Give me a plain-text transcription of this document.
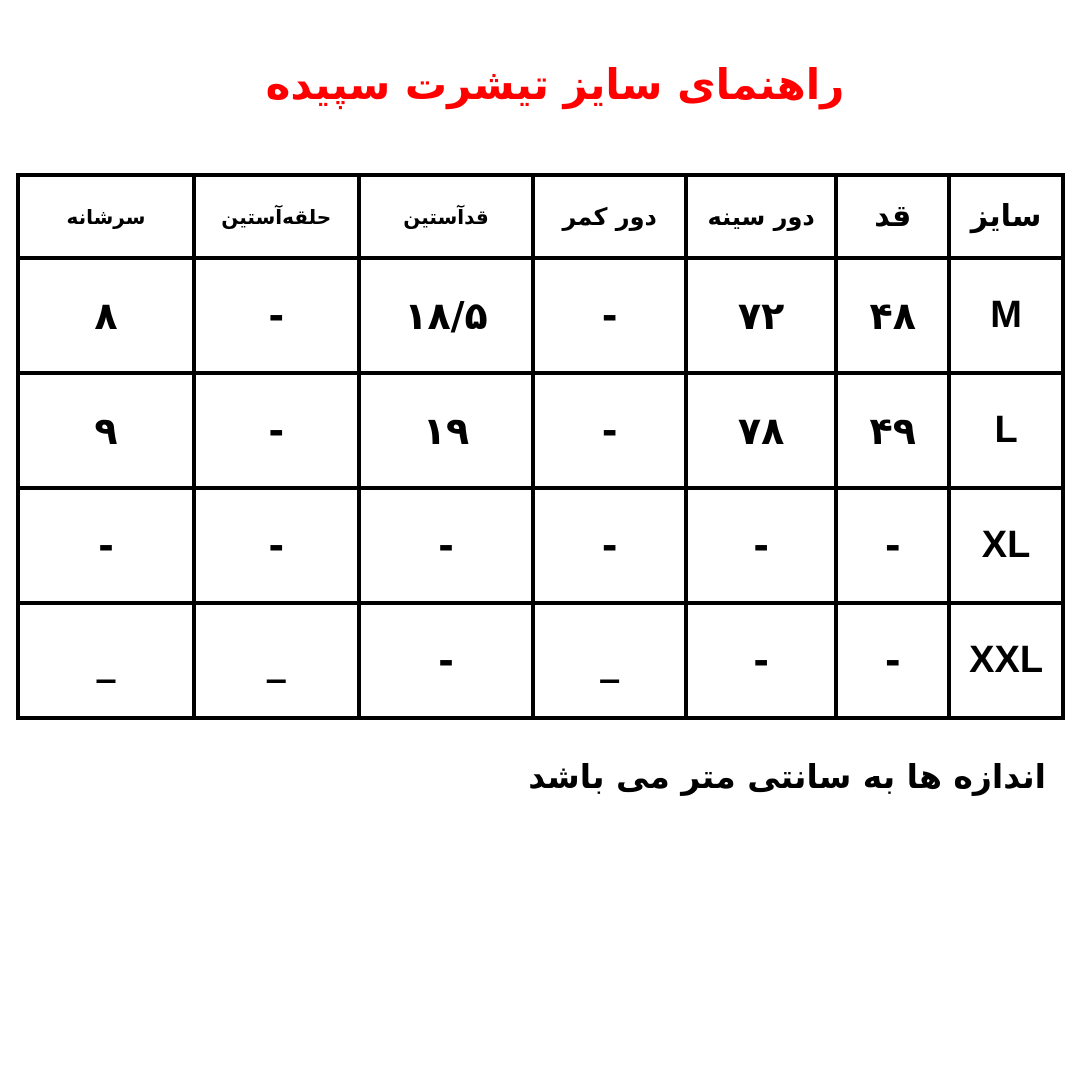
راهنمای سایز تیشرت سپیده
سایز	قد	دور سینه	دور کمر	قدآستین	حلقه‌آستین	سرشانه
M	۴۸	۷۲	-	۱۸/۵	-	۸
L	۴۹	۷۸	-	۱۹	-	۹
XL	-	-	-	-	-	-
XXL	-	-	_	-	_	_
اندازه ها به سانتی متر می باشد
